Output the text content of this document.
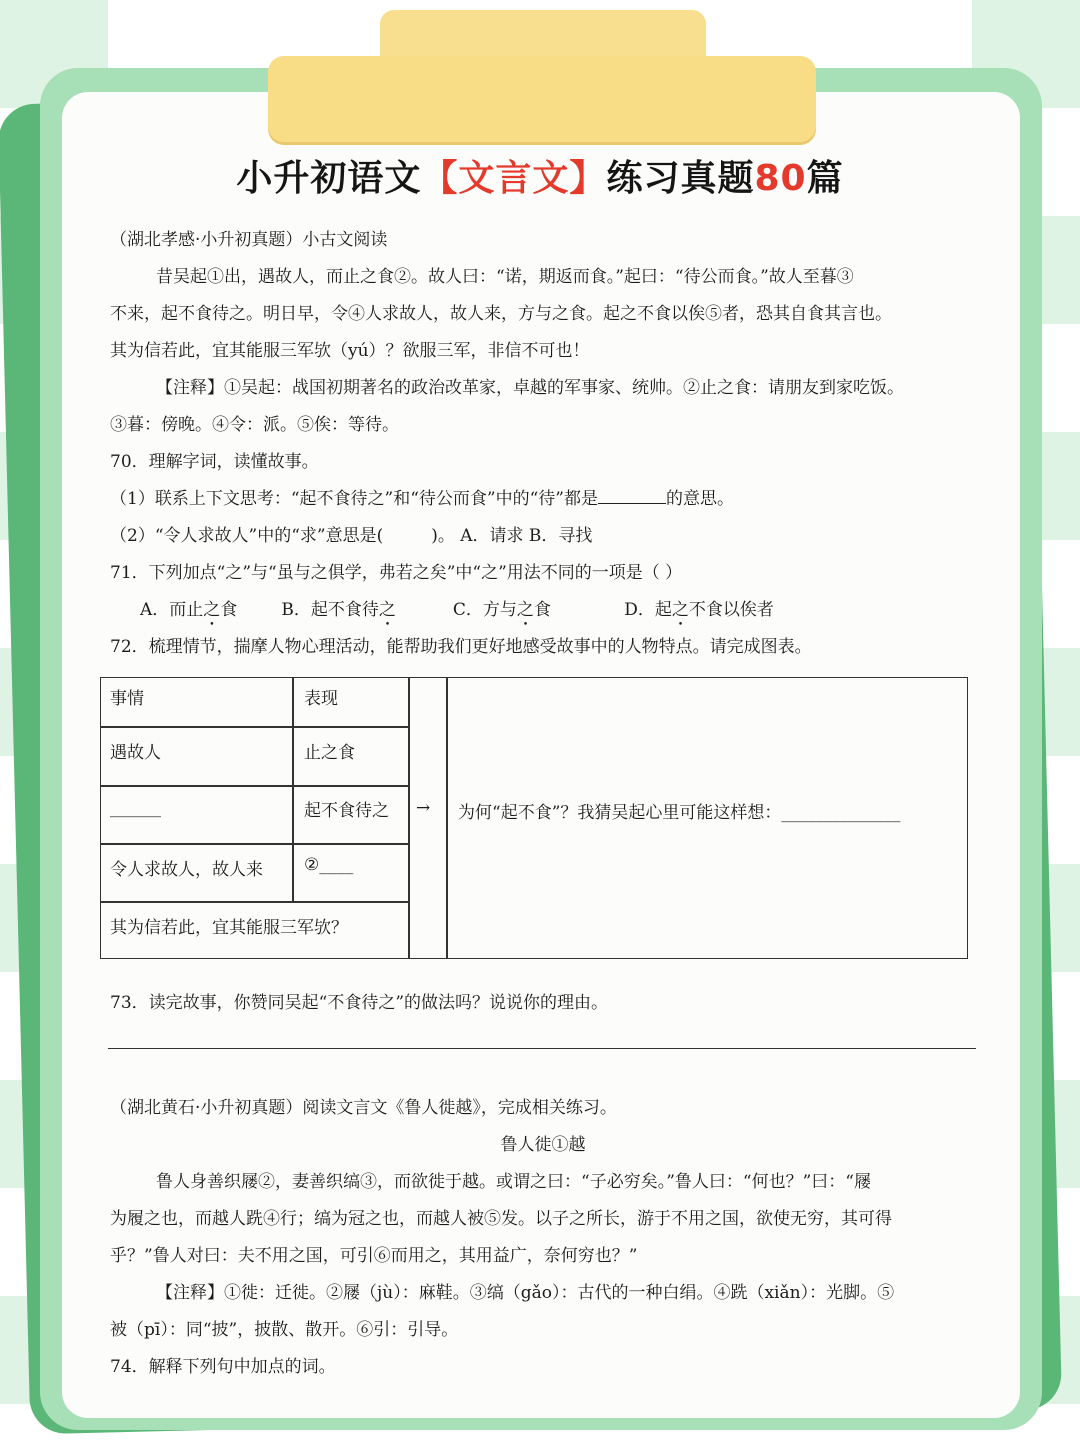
小升初语文【文言文】练习真题80篇
（湖北孝感·小升初真题）小古文阅读
昔吴起①出，遇故人，而止之食②。故人曰：“诺，期返而食。”起曰：“待公而食。”故人至暮③
不来，起不食待之。明日早，令④人求故人，故人来，方与之食。起之不食以俟⑤者，恐其自食其言也。
其为信若此，宜其能服三军欤（yú）？欲服三军，非信不可也！
【注释】①吴起：战国初期著名的政治改革家，卓越的军事家、统帅。②止之食：请朋友到家吃饭。
③暮：傍晚。④令：派。⑤俟：等待。
70．理解字词，读懂故事。
（1）联系上下文思考：“起不食待之”和“待公而食”中的“待”都是	的意思。
（2）“令人求故人”中的“求”意思是(	)。 A．请求 B．寻找
71．下列加点“之”与“虽与之俱学，弗若之矣”中“之”用法不同的一项是（ ）
A．而止之食	B．起不食待之	C．方与之食	D．起之不食以俟者
72．梳理情节，揣摩人物心理活动，能帮助我们更好地感受故事中的人物特点。请完成图表。
事情	表现
遇故人	止之食
______	起不食待之
令人求故人，故人来 ②____
其为信若此，宜其能服三军欤？
→ 为何“起不食”？我猜吴起心里可能这样想：______________
73．读完故事，你赞同吴起“不食待之”的做法吗？说说你的理由。
（湖北黄石·小升初真题）阅读文言文《鲁人徙越》，完成相关练习。
鲁人徙①越
鲁人身善织屦②，妻善织缟③，而欲徙于越。或谓之曰：“子必穷矣。”鲁人曰：“何也？”曰：“屦
为履之也，而越人跣④行；缟为冠之也，而越人被⑤发。以子之所长，游于不用之国，欲使无穷，其可得
乎？”鲁人对曰：夫不用之国，可引⑥而用之，其用益广，奈何穷也？”
【注释】①徙：迁徙。②屦（jù）：麻鞋。③缟（gǎo）：古代的一种白绢。④跣（xiǎn）：光脚。⑤
被（pī）：同“披”，披散、散开。⑥引：引导。
74．解释下列句中加点的词。
